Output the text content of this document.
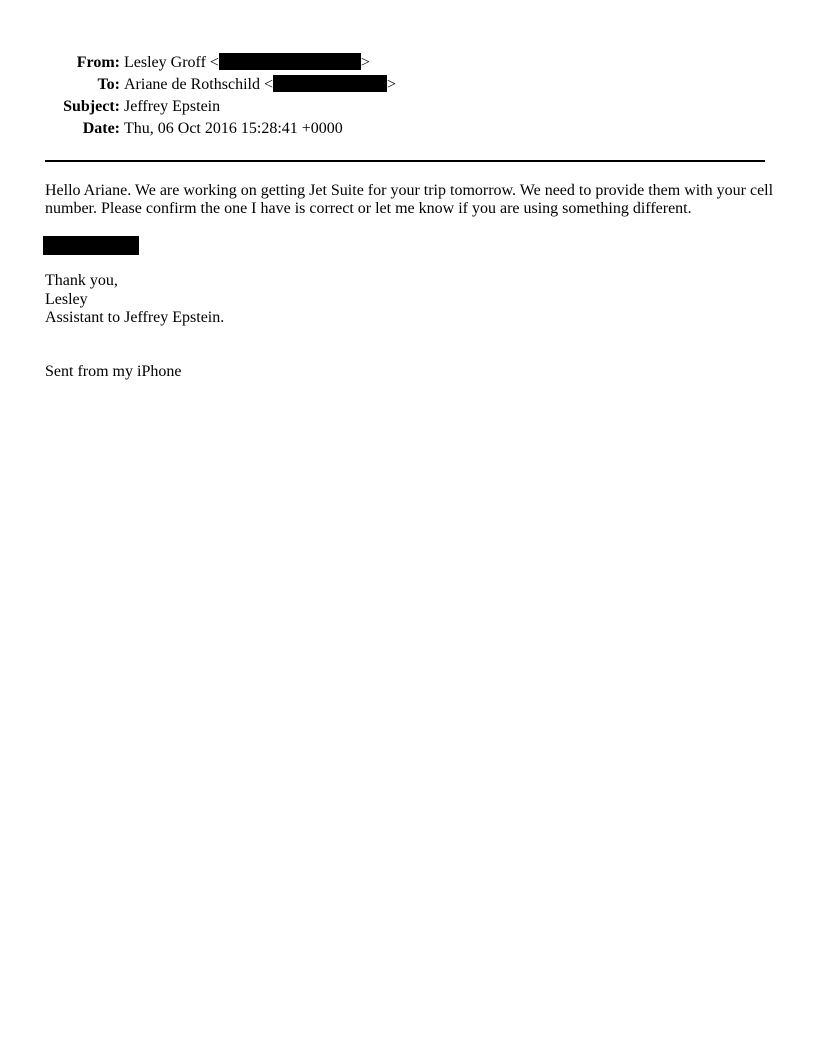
From: Lesley Groff <	>
To: Ariane de Rothschild <	>
Subject: Jeffrey Epstein
Date: Thu, 06 Oct 2016 15:28:41 +0000
Hello Ariane. We are working on getting Jet Suite for your trip tomorrow. We need to provide them with your cell number. Please confirm the one I have is correct or let me know if you are using something different.
Thank you,
Lesley
Assistant to Jeffrey Epstein.
Sent from my iPhone
